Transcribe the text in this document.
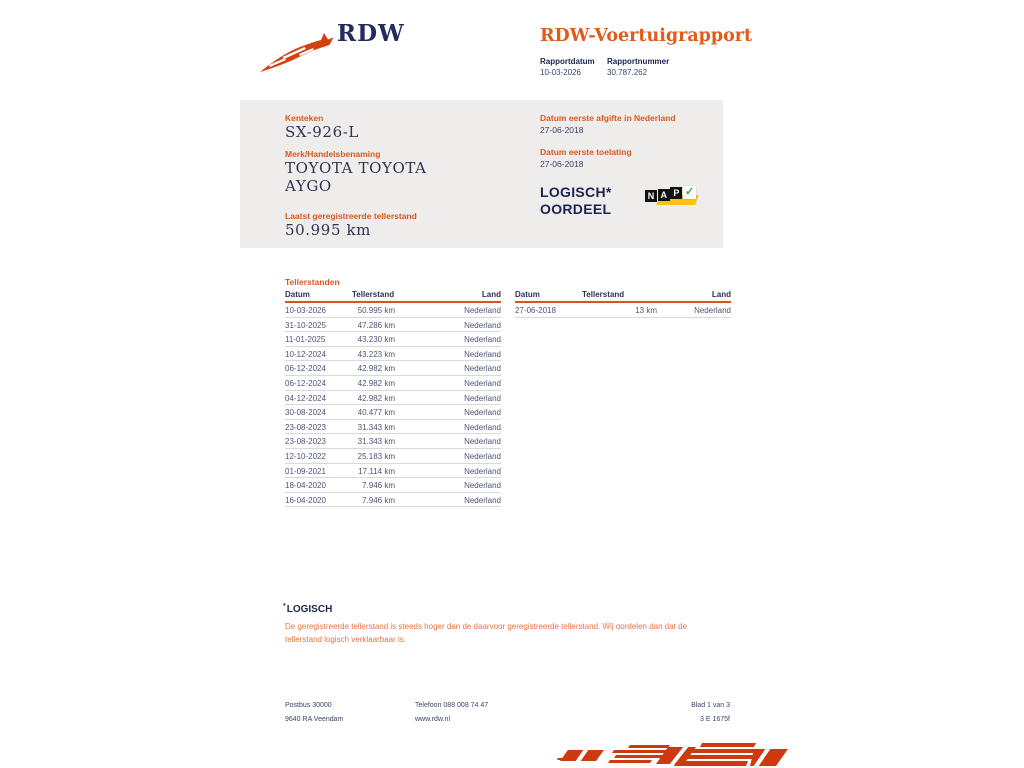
RDW	RDW-Voertuigrapport
Rapportdatum Rapportnummer
10-03-2026	30.787.262
Kenteken
SX-926-L
Merk/Handelsbenaming
TOYOTA TOYOTA AYGO
Laatst geregistreerde tellerstand
50.995 km
Datum eerste afgifte in Nederland
27-06-2018
Datum eerste toelating
27-06-2018
LOGISCH*
OORDEEL
N A P ✓
Tellerstanden
Datum	Tellerstand	Land
10-03-2026	50.995 km	Nederland
31-10-2025	47.286 km	Nederland
11-01-2025	43.230 km	Nederland
10-12-2024	43.223 km	Nederland
06-12-2024	42.982 km	Nederland
06-12-2024	42.982 km	Nederland
04-12-2024	42.982 km	Nederland
30-08-2024	40.477 km	Nederland
23-08-2023	31.343 km	Nederland
23-08-2023	31.343 km	Nederland
12-10-2022	25.183 km	Nederland
01-09-2021	17.114 km	Nederland
18-04-2020	7.946 km	Nederland
16-04-2020	7.946 km	Nederland
Datum	Tellerstand	Land
27-06-2018	13 km	Nederland
*LOGISCH
De geregistreerde tellerstand is steeds hoger dan de daarvoor geregistreerde tellerstand. Wij oordelen dan dat de tellerstand logisch verklaarbaar is.
Postbus 30000
9640 RA Veendam
Telefoon 088 008 74 47
www.rdw.nl
Blad 1 van 3
3 E 1675f
